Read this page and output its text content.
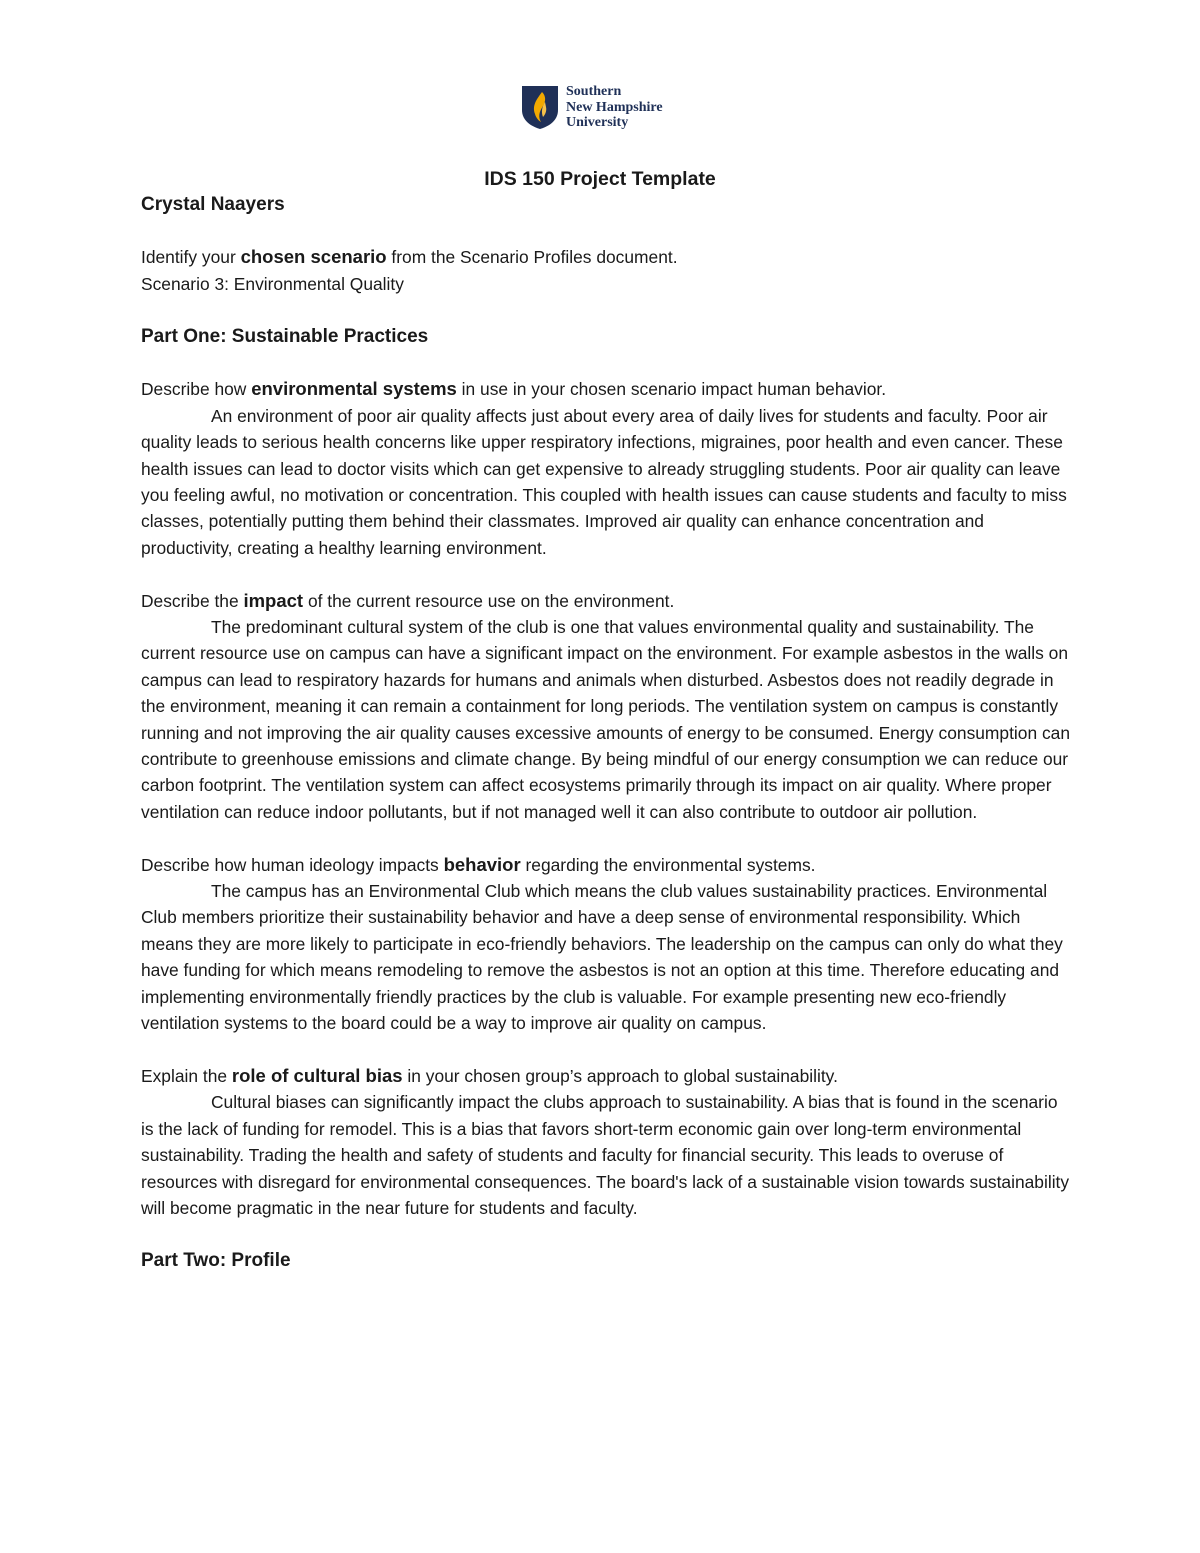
Southern
New Hampshire
University
IDS 150 Project Template

Crystal Naayers

Identify your chosen scenario from the Scenario Profiles document.

Scenario 3: Environmental Quality

Part One: Sustainable Practices

Describe how environmental systems in use in your chosen scenario impact human behavior.

An environment of poor air quality affects just about every area of daily lives for students and faculty. Poor air quality leads to serious health concerns like upper respiratory infections, migraines, poor health and even cancer. These health issues can lead to doctor visits which can get expensive to already struggling students. Poor air quality can leave you feeling awful, no motivation or concentration. This coupled with health issues can cause students and faculty to miss classes, potentially putting them behind their classmates. Improved air quality can enhance concentration and productivity, creating a healthy learning environment.

Describe the impact of the current resource use on the environment.

The predominant cultural system of the club is one that values environmental quality and sustainability. The current resource use on campus can have a significant impact on the environment. For example asbestos in the walls on campus can lead to respiratory hazards for humans and animals when disturbed. Asbestos does not readily degrade in the environment, meaning it can remain a containment for long periods. The ventilation system on campus is constantly running and not improving the air quality causes excessive amounts of energy to be consumed. Energy consumption can contribute to greenhouse emissions and climate change. By being mindful of our energy consumption we can reduce our carbon footprint. The ventilation system can affect ecosystems primarily through its impact on air quality. Where proper ventilation can reduce indoor pollutants, but if not managed well it can also contribute to outdoor air pollution.

Describe how human ideology impacts behavior regarding the environmental systems.

The campus has an Environmental Club which means the club values sustainability practices. Environmental Club members prioritize their sustainability behavior and have a deep sense of environmental responsibility. Which means they are more likely to participate in eco-friendly behaviors. The leadership on the campus can only do what they have funding for which means remodeling to remove the asbestos is not an option at this time. Therefore educating and implementing environmentally friendly practices by the club is valuable. For example presenting new eco-friendly ventilation systems to the board could be a way to improve air quality on campus.

Explain the role of cultural bias in your chosen group’s approach to global sustainability.

Cultural biases can significantly impact the clubs approach to sustainability. A bias that is found in the scenario is the lack of funding for remodel. This is a bias that favors short-term economic gain over long-term environmental sustainability. Trading the health and safety of students and faculty for financial security. This leads to overuse of resources with disregard for environmental consequences. The board's lack of a sustainable vision towards sustainability will become pragmatic in the near future for students and faculty.

Part Two: Profile
